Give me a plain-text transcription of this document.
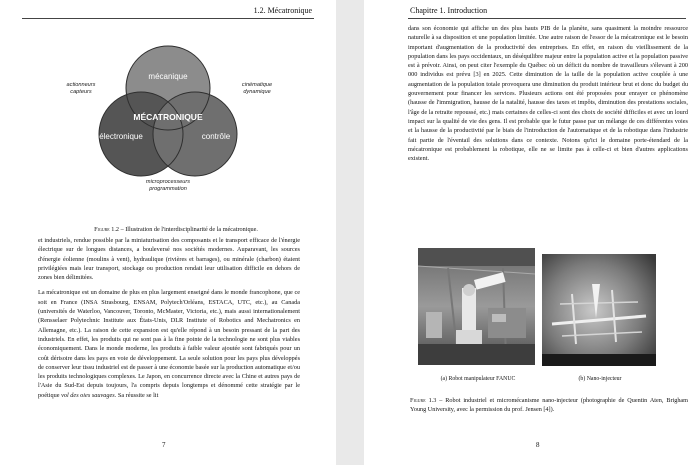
1.2. Mécatronique
mécanique
électronique	contrôle
MÉCATRONIQUE
actionneurs
capteurs
cinématique
dynamique
microprocesseurs
programmation
Figure 1.2 – Illustration de l'interdisciplinarité de la mécatronique.

et industriels, rendue possible par la miniaturisation des composants et le transport efficace de l'énergie électrique sur de longues distances, a bouleversé nos sociétés modernes. Auparavant, les sources d'énergie éolienne (moulins à vent), hydraulique (rivières et barrages), ou minérale (charbon) étaient privilégiées mais leur transport, stockage ou production rendait leur utilisation difficile en dehors de zones bien délimitées.

La mécatronique est un domaine de plus en plus largement enseigné dans le monde francophone, que ce soit en France (INSA Strasbourg, ENSAM, Polytech'Orléans, ESTACA, UTC, etc.), au Canada (universités de Waterloo, Vancouver, Toronto, McMaster, Victoria, etc.), mais aussi internationalement (Rensselaer Polytechnic Institute aux États-Unis, DLR Institute of Robotics and Mechatronics en Allemagne, etc.). La raison de cette expansion est qu'elle répond à un besoin pressant de la part des industriels. En effet, les produits qui ne sont pas à la fine pointe de la technologie ne sont plus viables économiquement. Dans le monde moderne, les produits à faible valeur ajoutée sont fabriqués pour un coût dérisoire dans les pays en voie de développement. La seule solution pour les pays plus développés de conserver leur tissu industriel est de passer à une économie basée sur la production automatique et/ou les produits technologiques complexes. Le Japon, en concurrence directe avec la Chine et autres pays de l'Asie du Sud-Est depuis toujours, l'a compris depuis longtemps et dénommé cette stratégie par le poétique vol des oies sauvages. Sa réussite se lit

7
Chapitre 1. Introduction

dans son économie qui affiche un des plus hauts PIB de la planète, sans quasiment la moindre ressource naturelle à sa disposition et une population limitée. Une autre raison de l'essor de la mécatronique est le besoin important d'augmentation de la productivité des entreprises. En effet, en raison du vieillissement de la population dans les pays occidentaux, un déséquilibre majeur entre la population active et la population passive est à prévoir. Ainsi, on peut citer l'exemple du Québec où un déficit du nombre de travailleurs s'élevant à 200 000 individus est prévu [3] en 2025. Cette diminution de la taille de la population active couplée à une augmentation de la population totale provoquera une diminution du produit intérieur brut et donc du budget du gouvernement pour financer les services. Plusieurs actions ont été proposées pour enrayer ce phénomène (hausse de l'immigration, hausse de la natalité, hausse des taxes et impôts, diminution des prestations sociales, l'âge de la retraite repoussé, etc.) mais certaines de celles-ci sont des choix de société difficiles et avec un lourd impact sur la qualité de vie des gens. Il est probable que le futur passe par un mélange de ces différentes voies et la hausse de la productivité par le biais de l'introduction de l'automatique et de la robotique dans l'industrie fait partie de l'éventail des solutions dans ce contexte. Notons qu'ici le domaine porte-étendard de la mécatronique est probablement la robotique, elle ne se limite pas à celle-ci et bien d'autres applications existent.

(a) Robot manipulateur FANUC	(b) Nano-injecteur
Figure 1.3 – Robot industriel et micromécanisme nano-injecteur (photographie de Quentin Aten, Brigham Young University, avec la permission du prof. Jensen [4]).
8
